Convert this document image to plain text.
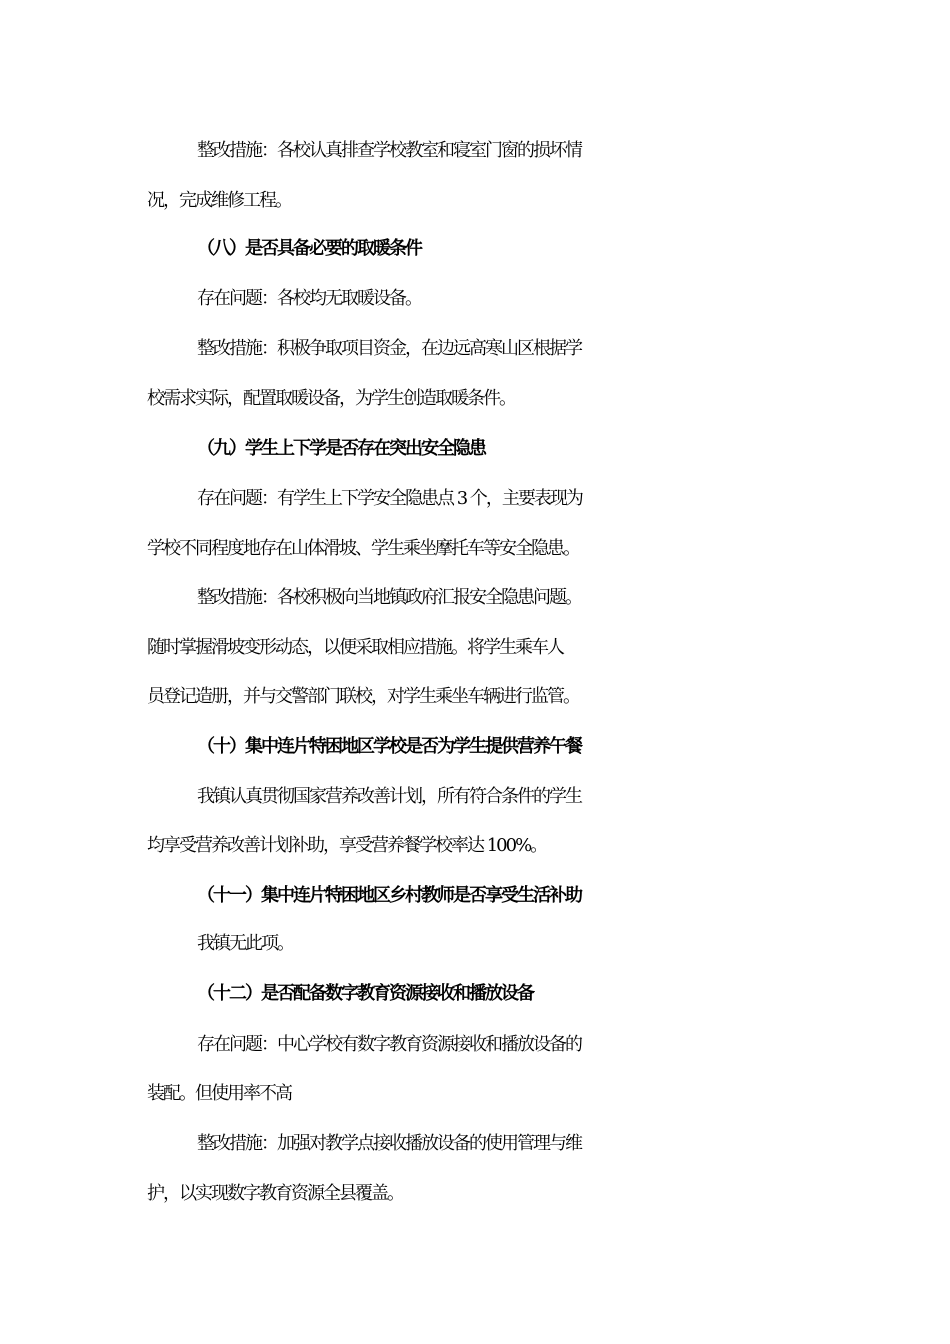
整改措施：各校认真排查学校教室和寝室门窗的损坏情
况，完成维修工程。
（八）是否具备必要的取暖条件
存在问题：各校均无取暖设备。
整改措施：积极争取项目资金，在边远高寒山区根据学
校需求实际，配置取暖设备，为学生创造取暖条件。
（九）学生上下学是否存在突出安全隐患
存在问题：有学生上下学安全隐患点 3 个，主要表现为
学校不同程度地存在山体滑坡、学生乘坐摩托车等安全隐患。
整改措施：各校积极向当地镇政府汇报安全隐患问题。
随时掌握滑坡变形动态，以便采取相应措施。将学生乘车人
员登记造册，并与交警部门联校，对学生乘坐车辆进行监管。
（十）集中连片特困地区学校是否为学生提供营养午餐
我镇认真贯彻国家营养改善计划，所有符合条件的学生
均享受营养改善计划补助，享受营养餐学校率达 100%。
（十一）集中连片特困地区乡村教师是否享受生活补助
我镇无此项。
（十二）是否配备数字教育资源接收和播放设备
存在问题：中心学校有数字教育资源接收和播放设备的
装配。但使用率不高
整改措施：加强对教学点接收播放设备的使用管理与维
护，以实现数字教育资源全县覆盖。
